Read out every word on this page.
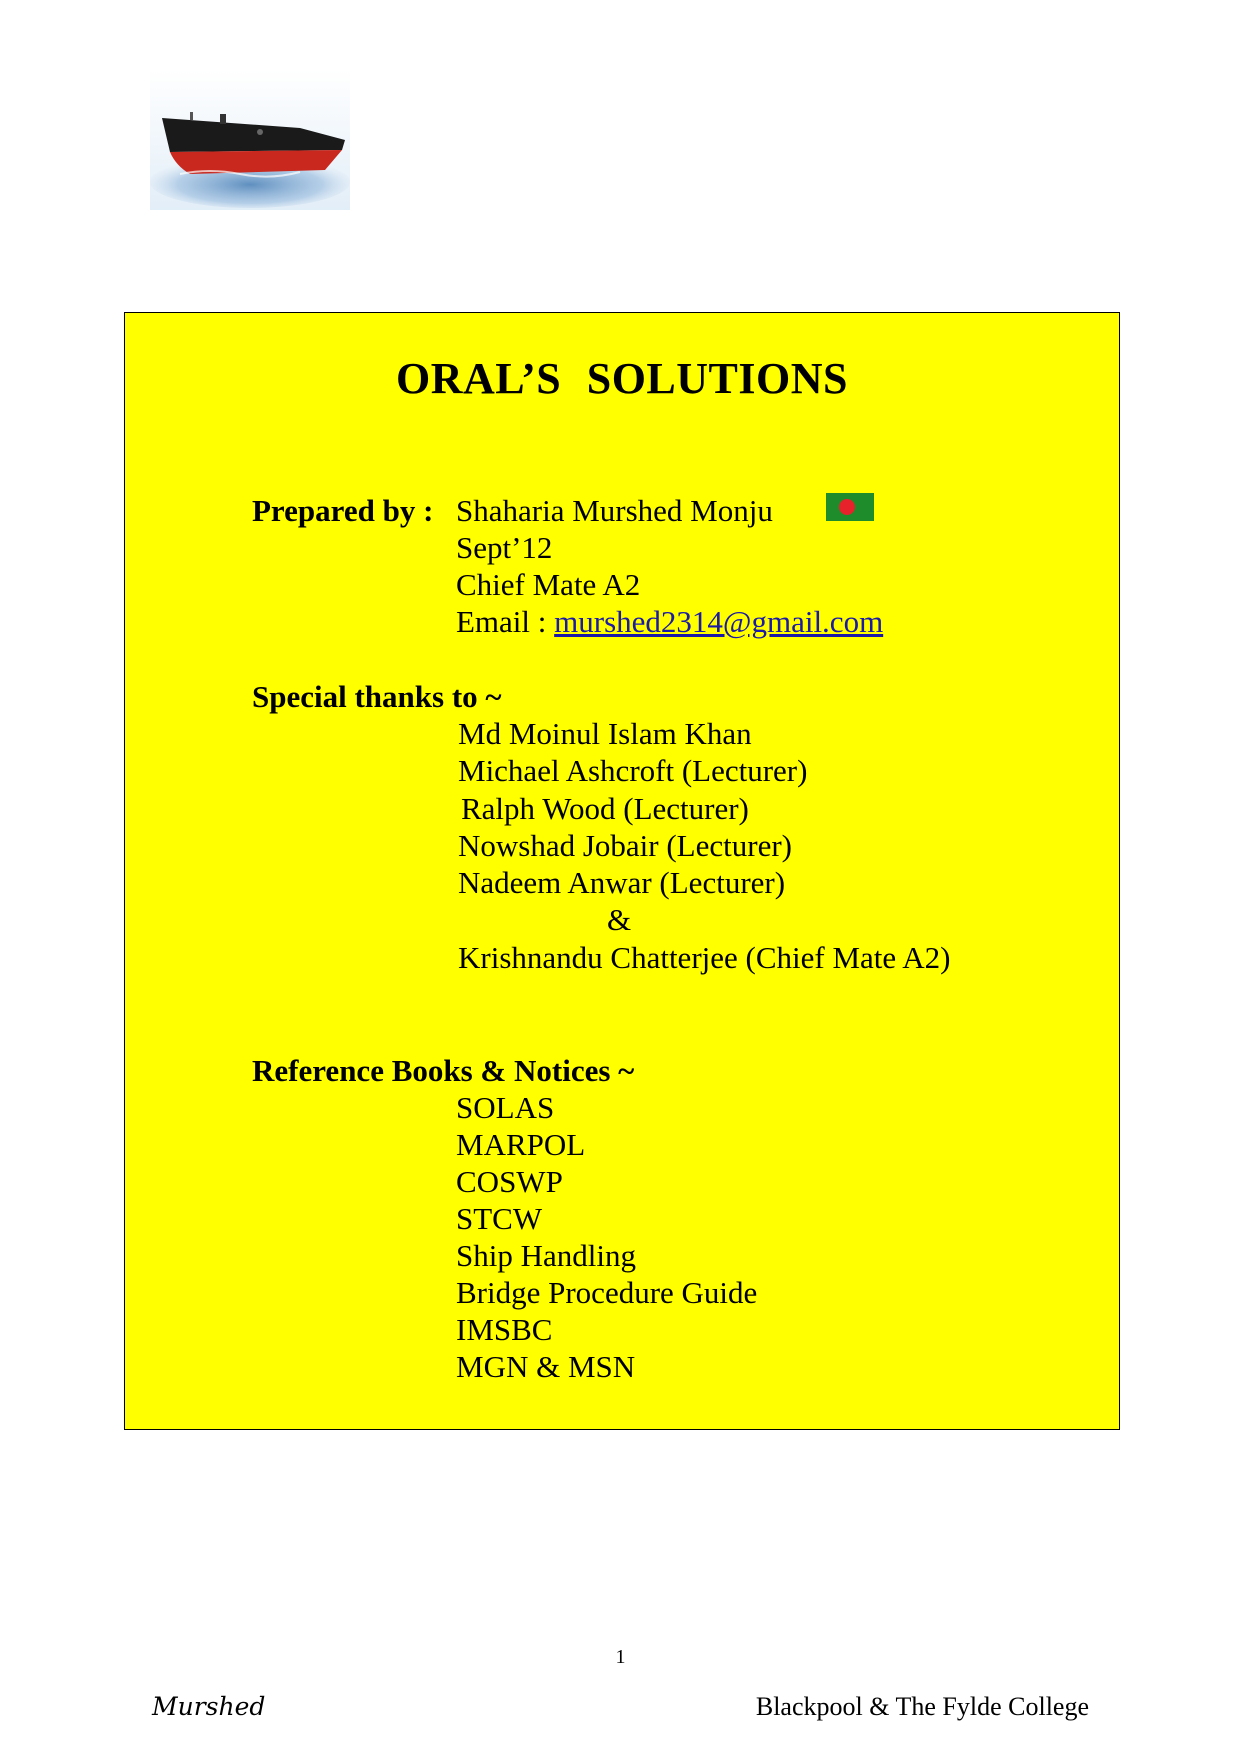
ORAL’S SOLUTIONS
Prepared by : Shaharia Murshed Monju
Sept’12
Chief Mate A2
Email : murshed2314@gmail.com
Special thanks to ~
Md Moinul Islam Khan
Michael Ashcroft (Lecturer)
Ralph Wood (Lecturer)
Nowshad Jobair (Lecturer)
Nadeem Anwar (Lecturer)
&
Krishnandu Chatterjee (Chief Mate A2)
Reference Books & Notices ~
SOLAS
MARPOL
COSWP
STCW
Ship Handling
Bridge Procedure Guide
IMSBC
MGN & MSN
1
Murshed	Blackpool & The Fylde College
